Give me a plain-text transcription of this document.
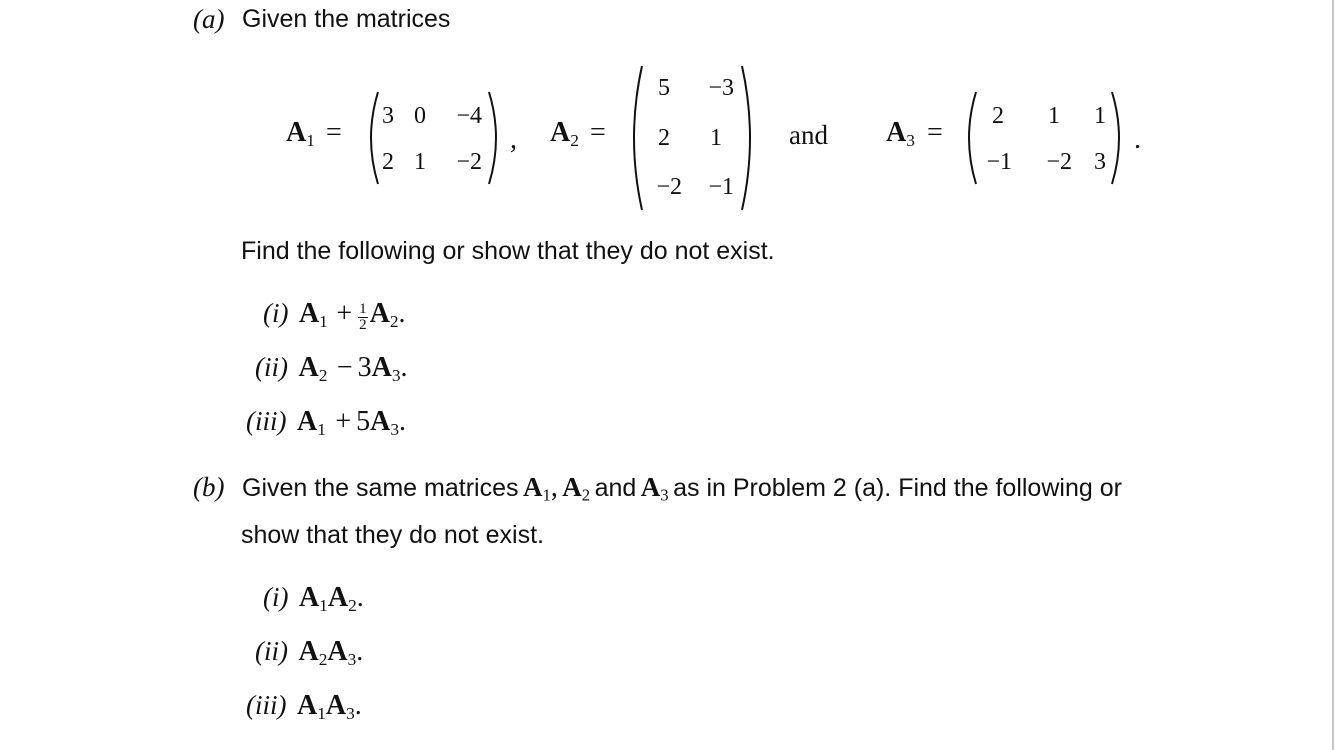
(a) Given the matrices
$A_1$ =
3 0	−4
2 1	−2
, $A_2$ =
5	−3
2	1
−2	−1
and $A_3$ =
2	1	1
−1	−2 3
.
Find the following or show that they do not exist.
(i) $A_1 + \frac{1}{2} A_2$.
(ii) $A_2 - 3A_3$.
(iii) $A_1 + 5A_3$.
(b) Given the same matrices $A_1$, $A_2$ and $A_3$ as in Problem 2 (a). Find the following or
show that they do not exist.
(i) $A_1A_2$.
(ii) $A_2A_3$.
(iii) $A_1A_3$.
